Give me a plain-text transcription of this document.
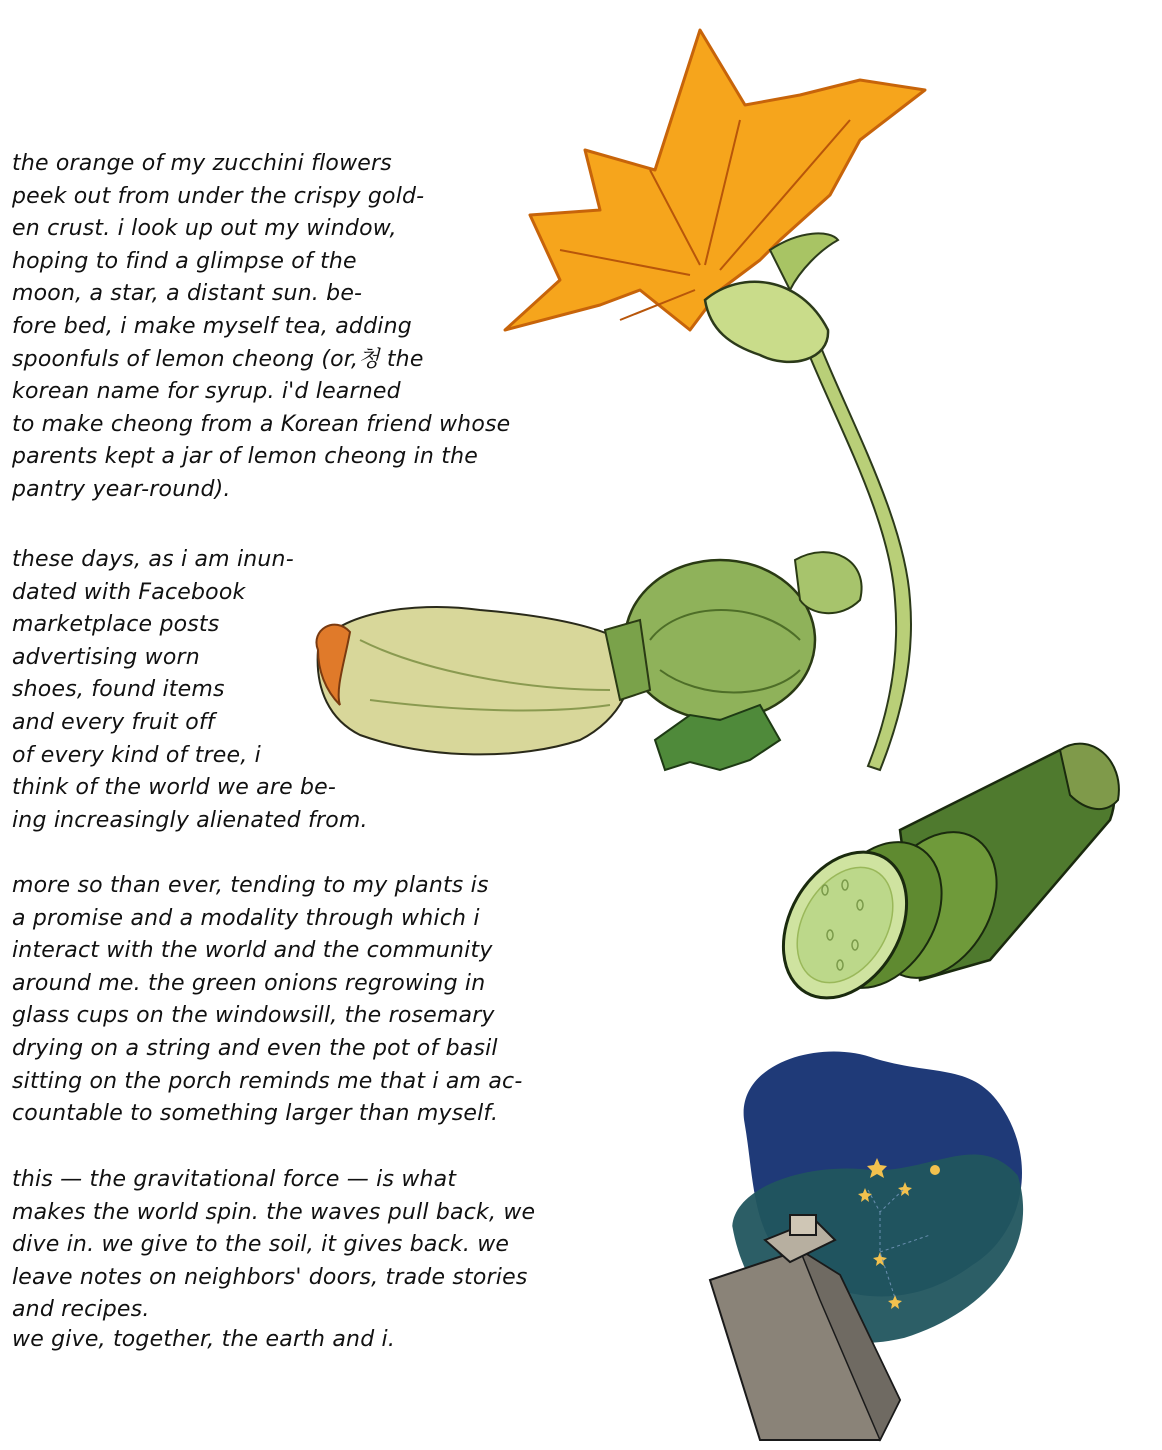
the orange of my zucchini flowers
peek out from under the crispy gold-
en crust. i look up out my window,
hoping to find a glimpse of the
moon, a star, a distant sun. be-
fore bed, i make myself tea, adding
spoonfuls of lemon cheong (or,청 the
korean name for syrup. i'd learned
to make cheong from a Korean friend whose
parents kept a jar of lemon cheong in the
pantry year-round).
these days, as i am inun-
dated with Facebook
marketplace posts
advertising worn
shoes, found items
and every fruit off
of every kind of tree, i
think of the world we are be-
ing increasingly alienated from.
more so than ever, tending to my plants is
a promise and a modality through which i
interact with the world and the community
around me. the green onions regrowing in
glass cups on the windowsill, the rosemary
drying on a string and even the pot of basil
sitting on the porch reminds me that i am ac-
countable to something larger than myself.
this — the gravitational force — is what
makes the world spin. the waves pull back, we
dive in. we give to the soil, it gives back. we
leave notes on neighbors' doors, trade stories
and recipes.
we give, together, the earth and i.
